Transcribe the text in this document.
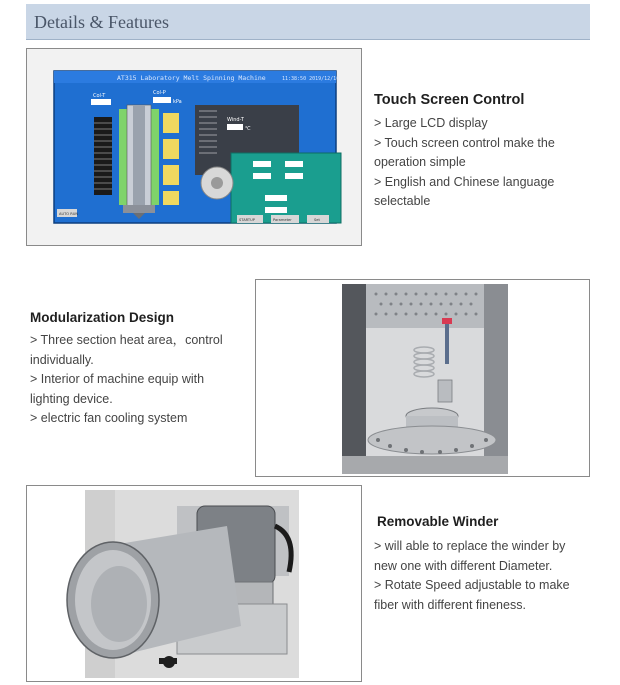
Details & Features
AT315 Laboratory Melt Spinning Machine	11:38:50 2019/12/10
Col-T	Col-P
kPa
Wind-T
℃
AUTO RUN
STARTUP	Parameter	Set
Touch Screen Control
> Large LCD display
> Touch screen control make the operation simple
> English and Chinese language selectable
Modularization Design
> Three section heat area，control individually.
> Interior of machine equip with lighting device.
> electric fan cooling system
Removable Winder
> will able to replace the winder by new one with different Diameter.
> Rotate Speed adjustable to make fiber with different fineness.
